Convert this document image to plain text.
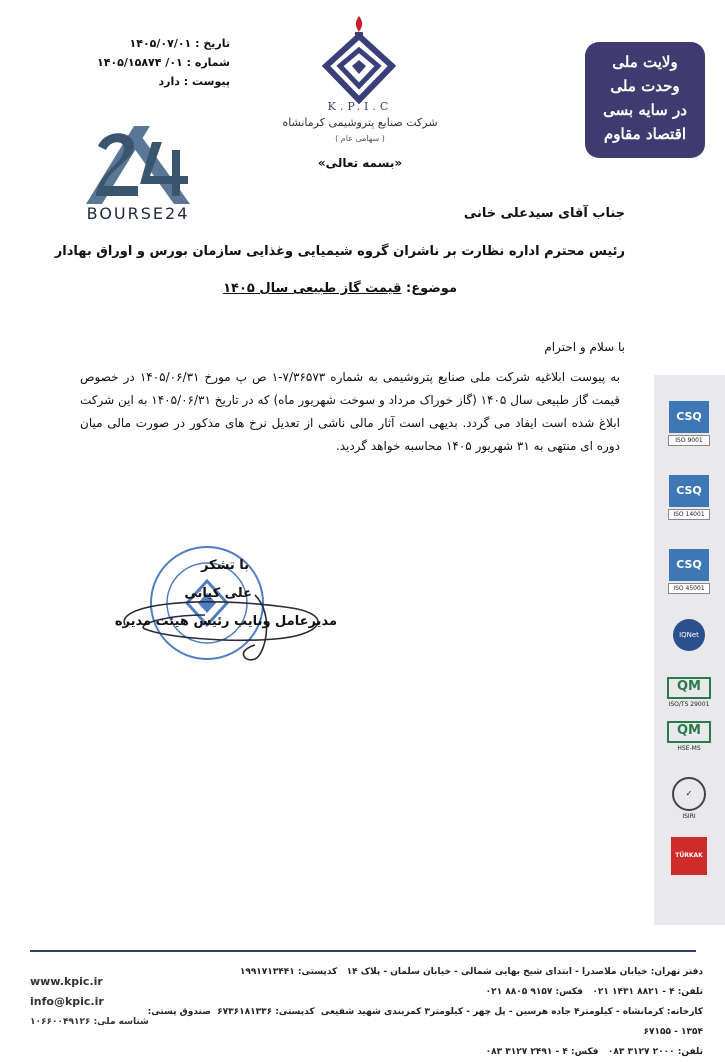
تاریخ : ۱۴۰۵/۰۷/۰۱
شماره : ۰۱/ ۱۴۰۵/۱۵۸۷۴
پیوست : دارد
K.P.I.C
شرکت صنایع پتروشیمی کرمانشاه
( سهامی عام )
«بسمه تعالی»
ولایت ملی
وحدت ملی
در سایه بسی
اقتصاد مقاوم
BOURSE24	جناب آقای سیدعلی خانی
رئیس محترم اداره نظارت بر ناشران گروه شیمیایی وغذایی سازمان بورس و اوراق بهادار
موضوع: قیمت گاز طبیعی سال ۱۴۰۵
با سلام و احترام
به پیوست ابلاغیه شرکت ملی صنایع پتروشیمی به شماره ۷/۳۶۵۷۳-۱ ص پ مورخ ۱۴۰۵/۰۶/۳۱ در خصوص قیمت گاز طبیعی سال ۱۴۰۵ (گاز خوراک مرداد و سوخت شهریور ماه) که در تاریخ ۱۴۰۵/۰۶/۳۱ به این شرکت ابلاغ شده است ایفاد می گردد. بدیهی است آثار مالی ناشی از تعدیل نرخ های مذکور در صورت مالی میان دوره ای منتهی به ۳۱ شهریور ۱۴۰۵ محاسبه خواهد گردید.
با تشکر
علی کیانی
مدیرعامل ونایب رئیس هیئت مدیره
CSQ
ISO 9001
CSQ
ISO 14001
CSQ
ISO 45001
IQNet
QM
ISO/TS 29001
QM
HSE-MS
✓
ISIRI
TÜRKAK
www.kpic.ir
info@kpic.ir
شناسه ملی: ۱۰۶۶۰۰۴۹۱۲۶
دفتر تهران: خیابان ملاصدرا - ابتدای شیخ بهایی شمالی - خیابان سلمان - پلاک ۱۴   کدپستی: ۱۹۹۱۷۱۳۴۴۱
تلفن: ۴ - ۸۸۲۱ ۱۴۳۱ ۰۲۱   فکس: ۹۱۵۷ ۸۸۰۵ ۰۲۱
کارخانه: کرمانشاه - کیلومتر۴ جاده هرسین - پل چهر - کیلومتر۳ کمربندی شهید شفیعی  کدپستی: ۶۷۳۶۱۸۱۳۳۶  صندوق پستی: ۱۳۵۴ - ۶۷۱۵۵
تلفن: ۲۰۰۰ ۳۱۲۷ ۰۸۳   فکس: ۴ - ۲۴۹۱ ۳۱۲۷ ۰۸۳
